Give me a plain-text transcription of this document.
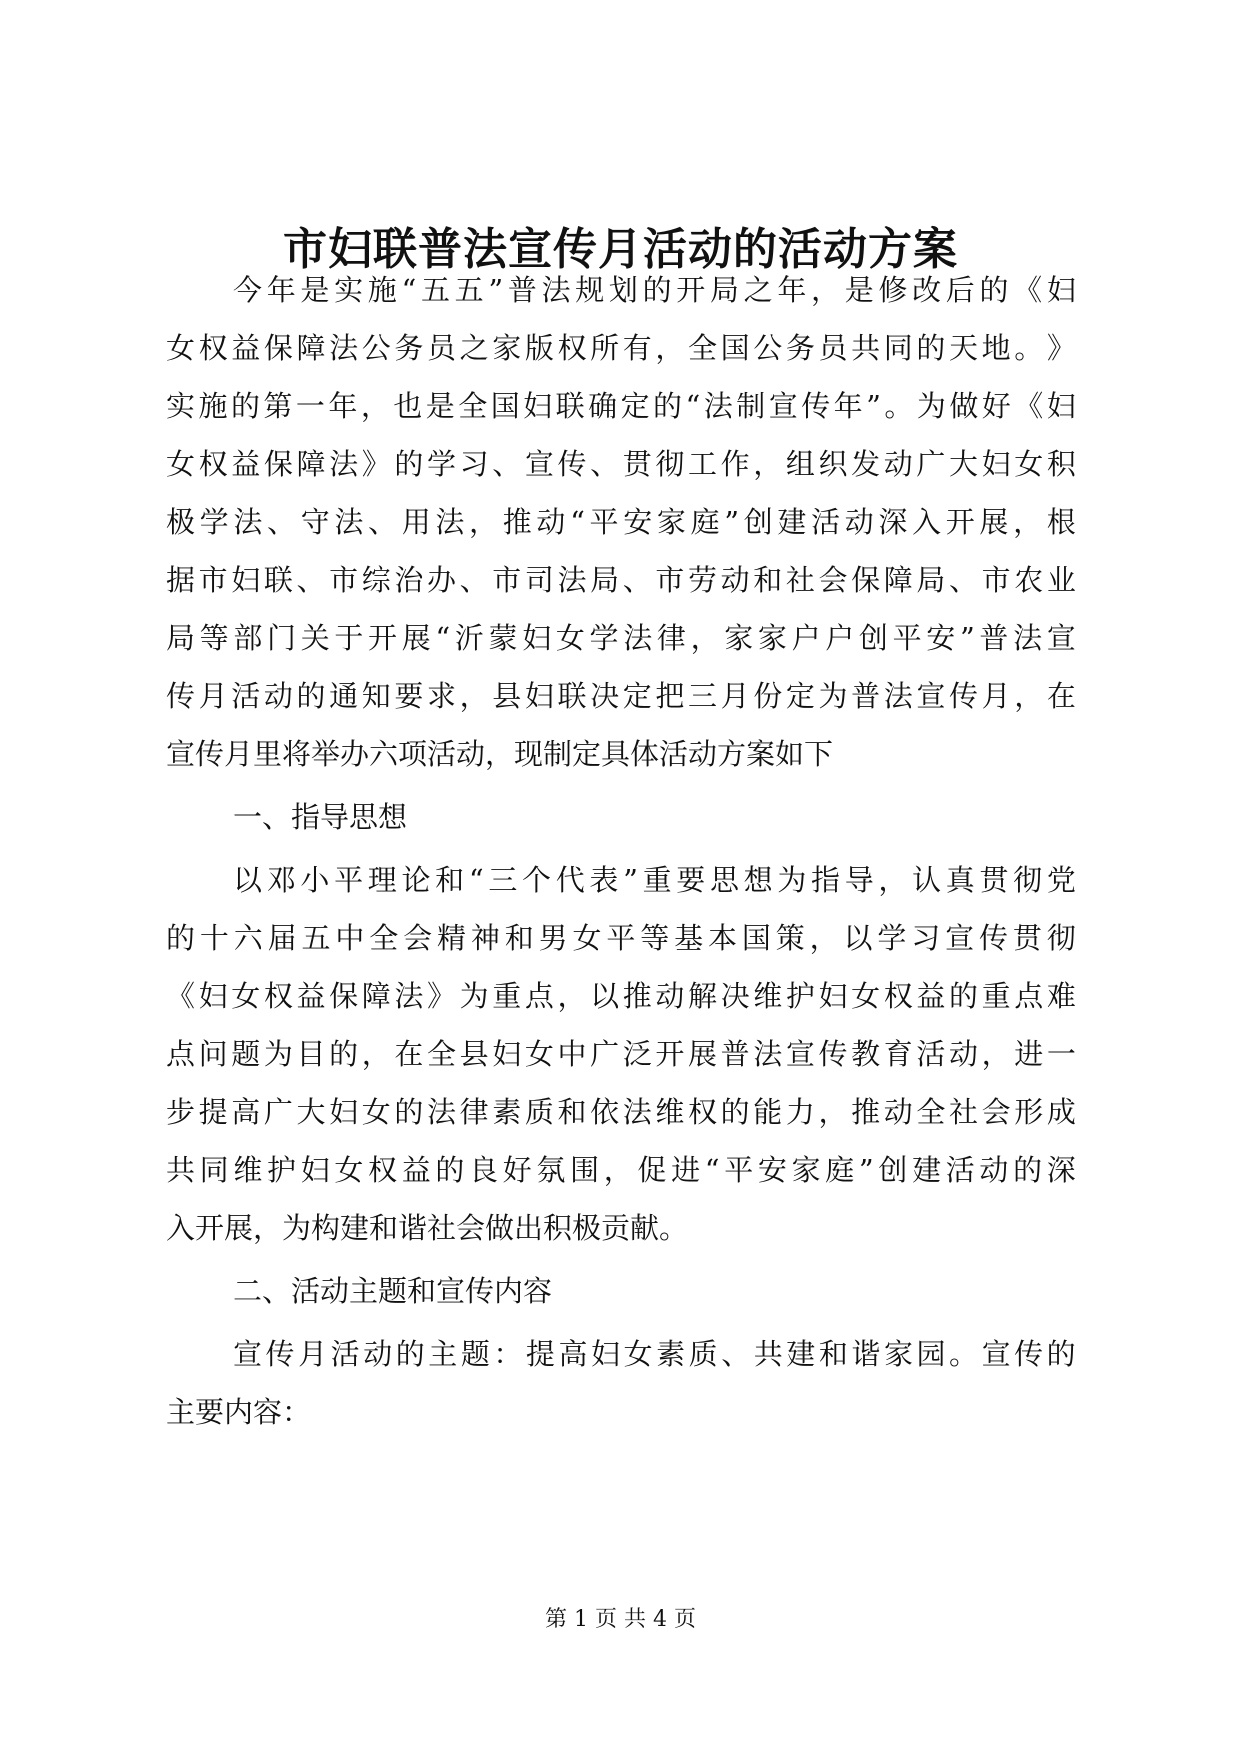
市妇联普法宣传月活动的活动方案
今 年 是 实 施 “ 五 五 ” 普 法 规 划 的 开 局 之 年 ， 是 修 改 后 的 《 妇
女 权 益 保 障 法 公 务 员 之 家 版 权 所 有 ， 全 国 公 务 员 共 同 的 天 地 。 》
实 施 的 第 一 年 ， 也 是 全 国 妇 联 确 定 的 “ 法 制 宣 传 年 ” 。 为 做 好 《 妇
女 权 益 保 障 法 》 的 学 习 、 宣 传 、 贯 彻 工 作 ， 组 织 发 动 广 大 妇 女 积
极 学 法 、 守 法 、 用 法 ， 推 动 “ 平 安 家 庭 ” 创 建 活 动 深 入 开 展 ， 根
据 市 妇 联 、 市 综 治 办 、 市 司 法 局 、 市 劳 动 和 社 会 保 障 局 、 市 农 业
局 等 部 门 关 于 开 展 “ 沂 蒙 妇 女 学 法 律 ， 家 家 户 户 创 平 安 ” 普 法 宣
传 月 活 动 的 通 知 要 求 ， 县 妇 联 决 定 把 三 月 份 定 为 普 法 宣 传 月 ， 在
宣传月里将举办六项活动，现制定具体活动方案如下
一、指导思想
以 邓 小 平 理 论 和 “ 三 个 代 表 ” 重 要 思 想 为 指 导 ， 认 真 贯 彻 党
的 十 六 届 五 中 全 会 精 神 和 男 女 平 等 基 本 国 策 ， 以 学 习 宣 传 贯 彻
《 妇 女 权 益 保 障 法 》 为 重 点 ， 以 推 动 解 决 维 护 妇 女 权 益 的 重 点 难
点 问 题 为 目 的 ， 在 全 县 妇 女 中 广 泛 开 展 普 法 宣 传 教 育 活 动 ， 进 一
步 提 高 广 大 妇 女 的 法 律 素 质 和 依 法 维 权 的 能 力 ， 推 动 全 社 会 形 成
共 同 维 护 妇 女 权 益 的 良 好 氛 围 ， 促 进 “ 平 安 家 庭 ” 创 建 活 动 的 深
入开展，为构建和谐社会做出积极贡献。
二、活动主题和宣传内容
宣 传 月 活 动 的 主 题 ： 提 高 妇 女 素 质 、 共 建 和 谐 家 园 。 宣 传 的
主要内容：
第 1 页 共 4 页
